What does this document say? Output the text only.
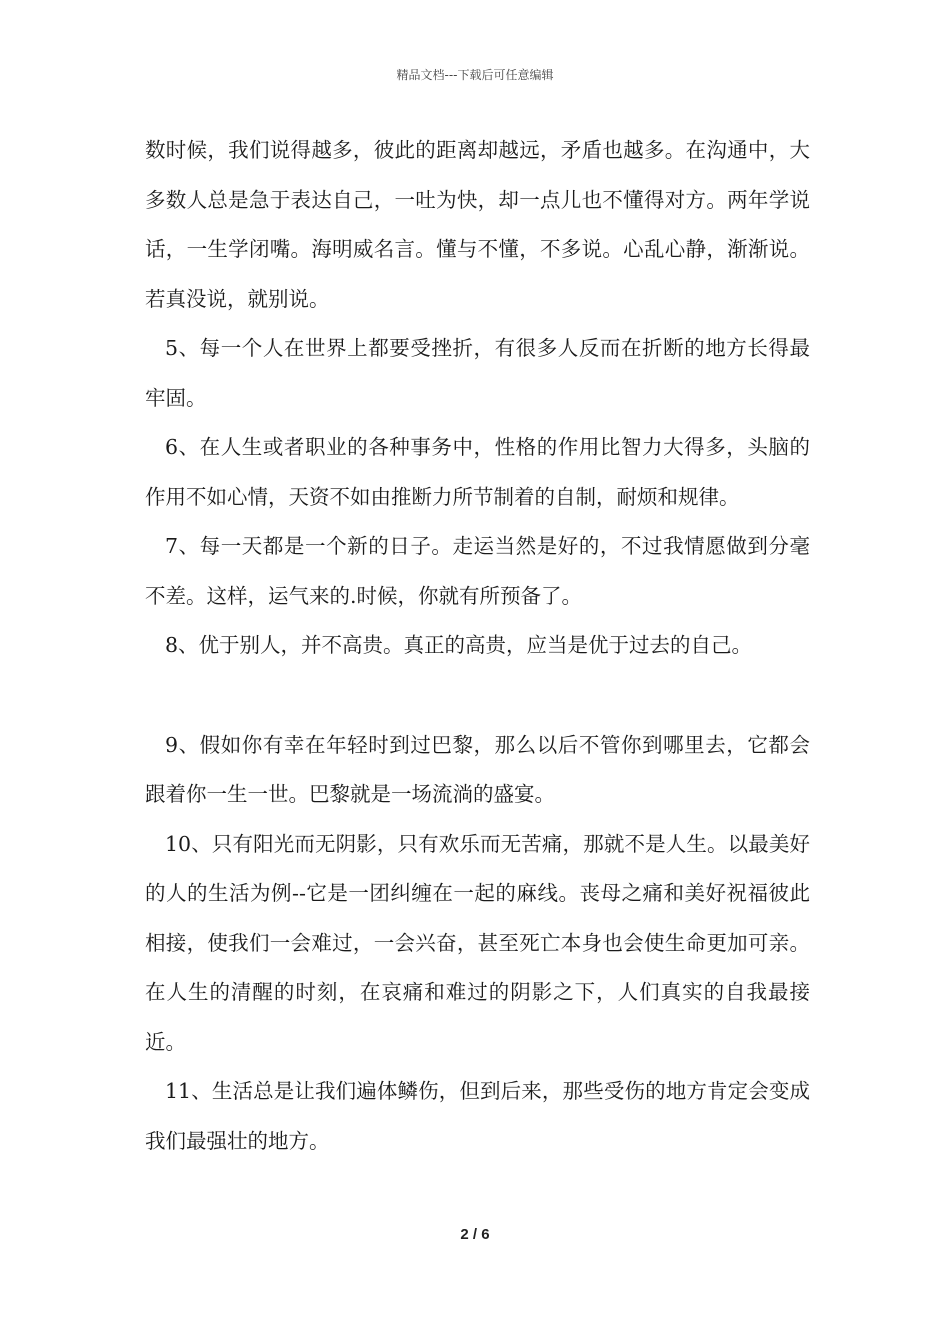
精品文档---下载后可任意编辑

数时候，我们说得越多，彼此的距离却越远，矛盾也越多。在沟通中，大多数人总是急于表达自己，一吐为快，却一点儿也不懂得对方。两年学说话，一生学闭嘴。海明威名言。懂与不懂，不多说。心乱心静，渐渐说。若真没说，就别说。

5、每一个人在世界上都要受挫折，有很多人反而在折断的地方长得最牢固。

6、在人生或者职业的各种事务中，性格的作用比智力大得多，头脑的作用不如心情，天资不如由推断力所节制着的自制，耐烦和规律。

7、每一天都是一个新的日子。走运当然是好的，不过我情愿做到分毫不差。这样，运气来的.时候，你就有所预备了。

8、优于别人，并不高贵。真正的高贵，应当是优于过去的自己。

9、假如你有幸在年轻时到过巴黎，那么以后不管你到哪里去，它都会跟着你一生一世。巴黎就是一场流淌的盛宴。

10、只有阳光而无阴影，只有欢乐而无苦痛，那就不是人生。以最美好的人的生活为例--它是一团纠缠在一起的麻线。丧母之痛和美好祝福彼此相接，使我们一会难过，一会兴奋，甚至死亡本身也会使生命更加可亲。在人生的清醒的时刻，在哀痛和难过的阴影之下，人们真实的自我最接近。

11、生活总是让我们遍体鳞伤，但到后来，那些受伤的地方肯定会变成我们最强壮的地方。

2 / 6
